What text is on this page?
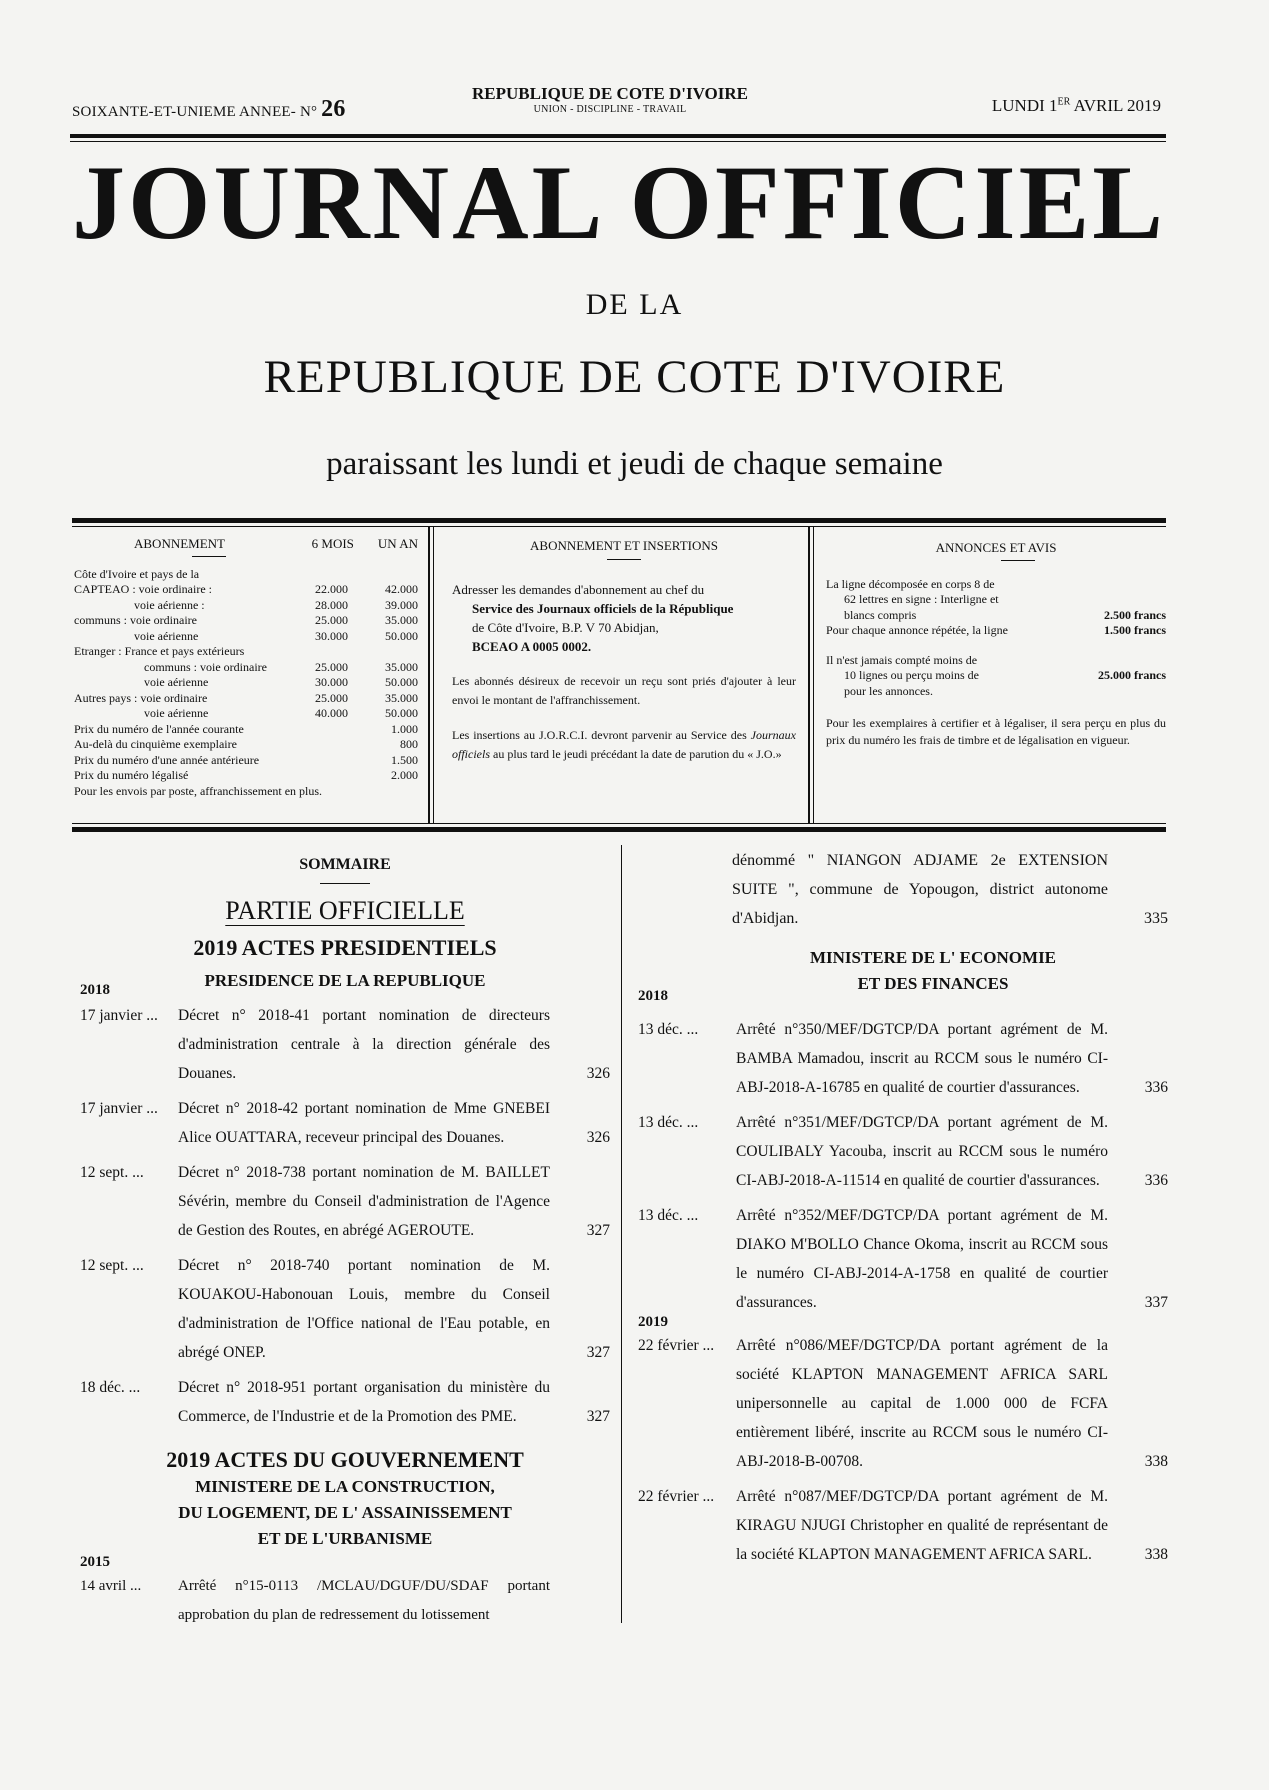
SOIXANTE-ET-UNIEME ANNEE- N° 26
REPUBLIQUE DE COTE D'IVOIRE
UNION - DISCIPLINE - TRAVAIL	LUNDI 1ER AVRIL 2019
JOURNAL OFFICIEL
DE LA
REPUBLIQUE DE COTE D'IVOIRE
paraissant les lundi et jeudi de chaque semaine
ABONNEMENT	6 MOIS UN AN
Côte d'Ivoire et pays de la
CAPTEAO : voie ordinaire :	22.000	42.000
voie aérienne :	28.000	39.000
communs : voie ordinaire	25.000	35.000
voie aérienne	30.000	50.000
Etranger : France et pays extérieurs
communs : voie ordinaire	25.000	35.000
voie aérienne	30.000	50.000
Autres pays : voie ordinaire	25.000	35.000
voie aérienne	40.000	50.000
Prix du numéro de l'année courante	1.000
Au-delà du cinquième exemplaire	800
Prix du numéro d'une année antérieure	1.500
Prix du numéro légalisé	2.000
Pour les envois par poste, affranchissement en plus.
ABONNEMENT ET INSERTIONS

Adresser les demandes d'abonnement au chef du
Service des Journaux officiels de la République
de Côte d'Ivoire, B.P. V 70 Abidjan,
BCEAO A 0005 0002.

Les abonnés désireux de recevoir un reçu sont priés d'ajouter à leur envoi le montant de l'affranchissement.

Les insertions au J.O.R.C.I. devront parvenir au Service des Journaux officiels au plus tard le jeudi précédant la date de parution du « J.O.»

ANNONCES ET AVIS
La ligne décomposée en corps 8 de
62 lettres en signe : Interligne et
blancs compris	2.500 francs
Pour chaque annonce répétée, la ligne	1.500 francs
Il n'est jamais compté moins de
10 lignes ou perçu moins de	25.000 francs
pour les annonces.
Pour les exemplaires à certifier et à légaliser, il sera perçu en plus du prix du numéro les frais de timbre et de légalisation en vigueur.
SOMMAIRE
PARTIE OFFICIELLE
2019 ACTES PRESIDENTIELS
2018	PRESIDENCE DE LA REPUBLIQUE
17 janvier ... Décret n° 2018-41 portant nomination de directeurs d'administration centrale à la direction générale des Douanes.	326
17 janvier ... Décret n° 2018-42 portant nomination de Mme GNEBEI Alice OUATTARA, receveur principal des Douanes.	326
12 sept. ... Décret n° 2018-738 portant nomination de M. BAILLET Sévérin, membre du Conseil d'administration de l'Agence de Gestion des Routes, en abrégé AGEROUTE.	327
12 sept. ... Décret n° 2018-740 portant nomination de M. KOUAKOU-Habonouan Louis, membre du Conseil d'administration de l'Office national de l'Eau potable, en abrégé ONEP.	327
18 déc. ... Décret n° 2018-951 portant organisation du ministère du Commerce, de l'Industrie et de la Promotion des PME.	327
2019 ACTES DU GOUVERNEMENT
MINISTERE DE LA CONSTRUCTION,
DU LOGEMENT, DE L' ASSAINISSEMENT
ET DE L'URBANISME
2015
14 avril ... Arrêté n°15-0113 /MCLAU/DGUF/DU/SDAF portant approbation du plan de redressement du lotissement
dénommé " NIANGON ADJAME 2e EXTENSION SUITE ", commune de Yopougon, district autonome d'Abidjan.	335
MINISTERE DE L' ECONOMIE
2018
ET DES FINANCES
13 déc. ... Arrêté n°350/MEF/DGTCP/DA portant agrément de M. BAMBA Mamadou, inscrit au RCCM sous le numéro CI-ABJ-2018-A-16785 en qualité de courtier d'assurances.	336
13 déc. ... Arrêté n°351/MEF/DGTCP/DA portant agrément de M. COULIBALY Yacouba, inscrit au RCCM sous le numéro CI-ABJ-2018-A-11514 en qualité de courtier d'assurances.	336
13 déc. ... Arrêté n°352/MEF/DGTCP/DA portant agrément de M. DIAKO M'BOLLO Chance Okoma, inscrit au RCCM sous le numéro CI-ABJ-2014-A-1758 en qualité de courtier d'assurances.	337
2019
22 février ... Arrêté n°086/MEF/DGTCP/DA portant agrément de la société KLAPTON MANAGEMENT AFRICA SARL unipersonnelle au capital de 1.000 000 de FCFA entièrement libéré, inscrite au RCCM sous le numéro CI-ABJ-2018-B-00708.	338
22 février ... Arrêté n°087/MEF/DGTCP/DA portant agrément de M. KIRAGU NJUGI Christopher en qualité de représentant de la société KLAPTON MANAGEMENT AFRICA SARL.	338
